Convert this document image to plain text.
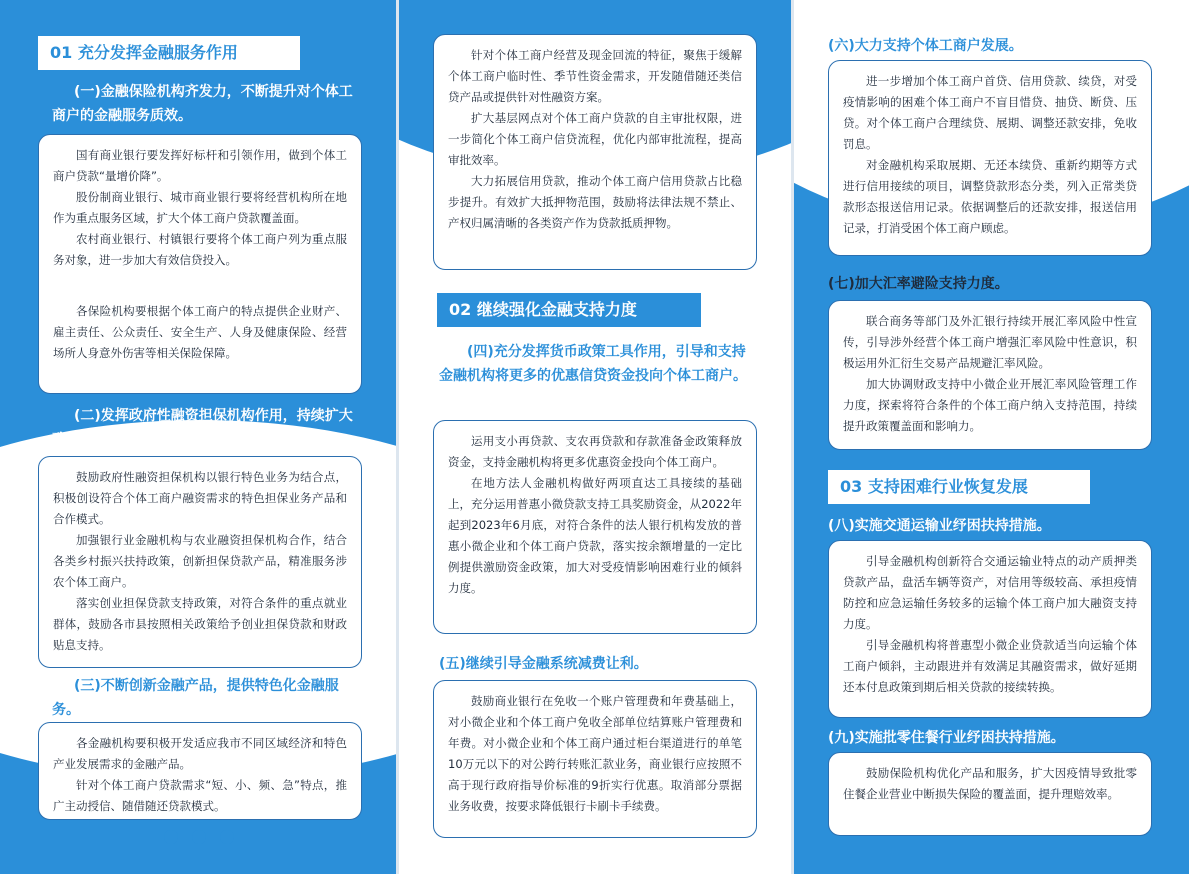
01 充分发挥金融服务作用
(一)金融保险机构齐发力，不断提升对个体工商户的金融服务质效。

国有商业银行要发挥好标杆和引领作用，做到个体工商户贷款“量增价降”。

股份制商业银行、城市商业银行要将经营机构所在地作为重点服务区域，扩大个体工商户贷款覆盖面。

农村商业银行、村镇银行要将个体工商户列为重点服务对象，进一步加大有效信贷投入。

各保险机构要根据个体工商户的特点提供企业财产、雇主责任、公众责任、安全生产、人身及健康保险、经营场所人身意外伤害等相关保险保障。

(二)发挥政府性融资担保机构作用，持续扩大政府性融资担保覆盖面。

鼓励政府性融资担保机构以银行特色业务为结合点，积极创设符合个体工商户融资需求的特色担保业务产品和合作模式。

加强银行业金融机构与农业融资担保机构合作，结合各类乡村振兴扶持政策，创新担保贷款产品，精准服务涉农个体工商户。

落实创业担保贷款支持政策，对符合条件的重点就业群体，鼓励各市县按照相关政策给予创业担保贷款和财政贴息支持。

(三)不断创新金融产品，提供特色化金融服务。

各金融机构要积极开发适应我市不同区域经济和特色产业发展需求的金融产品。

针对个体工商户贷款需求“短、小、频、急”特点，推广主动授信、随借随还贷款模式。

针对个体工商户经营及现金回流的特征，聚焦于缓解个体工商户临时性、季节性资金需求，开发随借随还类信贷产品或提供针对性融资方案。

扩大基层网点对个体工商户贷款的自主审批权限，进一步简化个体工商户信贷流程，优化内部审批流程，提高审批效率。

大力拓展信用贷款，推动个体工商户信用贷款占比稳步提升。有效扩大抵押物范围，鼓励将法律法规不禁止、产权归属清晰的各类资产作为贷款抵质押物。

02 继续强化金融支持力度
(四)充分发挥货币政策工具作用，引导和支持金融机构将更多的优惠信贷资金投向个体工商户。

运用支小再贷款、支农再贷款和存款准备金政策释放资金，支持金融机构将更多优惠资金投向个体工商户。

在地方法人金融机构做好两项直达工具接续的基础上，充分运用普惠小微贷款支持工具奖励资金，从2022年起到2023年6月底，对符合条件的法人银行机构发放的普惠小微企业和个体工商户贷款，落实按余额增量的一定比例提供激励资金政策，加大对受疫情影响困难行业的倾斜力度。

(五)继续引导金融系统减费让利。

鼓励商业银行在免收一个账户管理费和年费基础上，对小微企业和个体工商户免收全部单位结算账户管理费和年费。对小微企业和个体工商户通过柜台渠道进行的单笔10万元以下的对公跨行转账汇款业务，商业银行应按照不高于现行政府指导价标准的9折实行优惠。取消部分票据业务收费，按要求降低银行卡刷卡手续费。

(六)大力支持个体工商户发展。

进一步增加个体工商户首贷、信用贷款、续贷，对受疫情影响的困难个体工商户不盲目惜贷、抽贷、断贷、压贷。对个体工商户合理续贷、展期、调整还款安排，免收罚息。

对金融机构采取展期、无还本续贷、重新约期等方式进行信用接续的项目，调整贷款形态分类，列入正常类贷款形态报送信用记录。依据调整后的还款安排，报送信用记录，打消受困个体工商户顾虑。

(七)加大汇率避险支持力度。

联合商务等部门及外汇银行持续开展汇率风险中性宣传，引导涉外经营个体工商户增强汇率风险中性意识，积极运用外汇衍生交易产品规避汇率风险。

加大协调财政支持中小微企业开展汇率风险管理工作力度，探索将符合条件的个体工商户纳入支持范围，持续提升政策覆盖面和影响力。

03 支持困难行业恢复发展
(八)实施交通运输业纾困扶持措施。

引导金融机构创新符合交通运输业特点的动产质押类贷款产品，盘活车辆等资产，对信用等级较高、承担疫情防控和应急运输任务较多的运输个体工商户加大融资支持力度。

引导金融机构将普惠型小微企业贷款适当向运输个体工商户倾斜，主动跟进并有效满足其融资需求，做好延期还本付息政策到期后相关贷款的接续转换。

(九)实施批零住餐行业纾困扶持措施。

鼓励保险机构优化产品和服务，扩大因疫情导致批零住餐企业营业中断损失保险的覆盖面，提升理赔效率。
